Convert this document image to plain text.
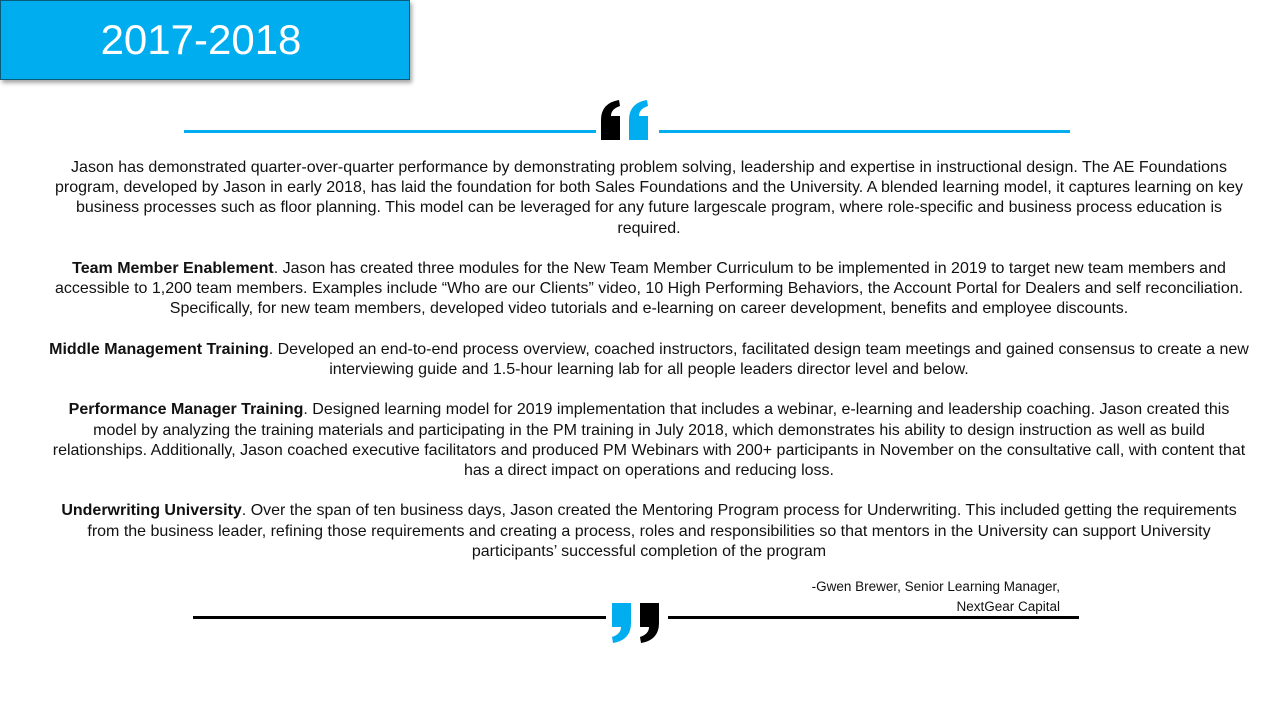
2017-2018

Jason has demonstrated quarter-over-quarter performance by demonstrating problem solving, leadership and expertise in instructional design. The AE Foundations program, developed by Jason in early 2018, has laid the foundation for both Sales Foundations and the University. A blended learning model, it captures learning on key business processes such as floor planning. This model can be leveraged for any future largescale program, where role-specific and business process education is required.

Team Member Enablement. Jason has created three modules for the New Team Member Curriculum to be implemented in 2019 to target new team members and accessible to 1,200 team members. Examples include “Who are our Clients” video, 10 High Performing Behaviors, the Account Portal for Dealers and self reconciliation. Specifically, for new team members, developed video tutorials and e-learning on career development, benefits and employee discounts.

Middle Management Training. Developed an end-to-end process overview, coached instructors, facilitated design team meetings and gained consensus to create a new interviewing guide and 1.5-hour learning lab for all people leaders director level and below.

Performance Manager Training. Designed learning model for 2019 implementation that includes a webinar, e-learning and leadership coaching. Jason created this model by analyzing the training materials and participating in the PM training in July 2018, which demonstrates his ability to design instruction as well as build relationships. Additionally, Jason coached executive facilitators and produced PM Webinars with 200+ participants in November on the consultative call, with content that has a direct impact on operations and reducing loss.

Underwriting University. Over the span of ten business days, Jason created the Mentoring Program process for Underwriting. This included getting the requirements from the business leader, refining those requirements and creating a process, roles and responsibilities so that mentors in the University can support University participants’ successful completion of the program

-Gwen Brewer, Senior Learning Manager,
NextGear Capital
